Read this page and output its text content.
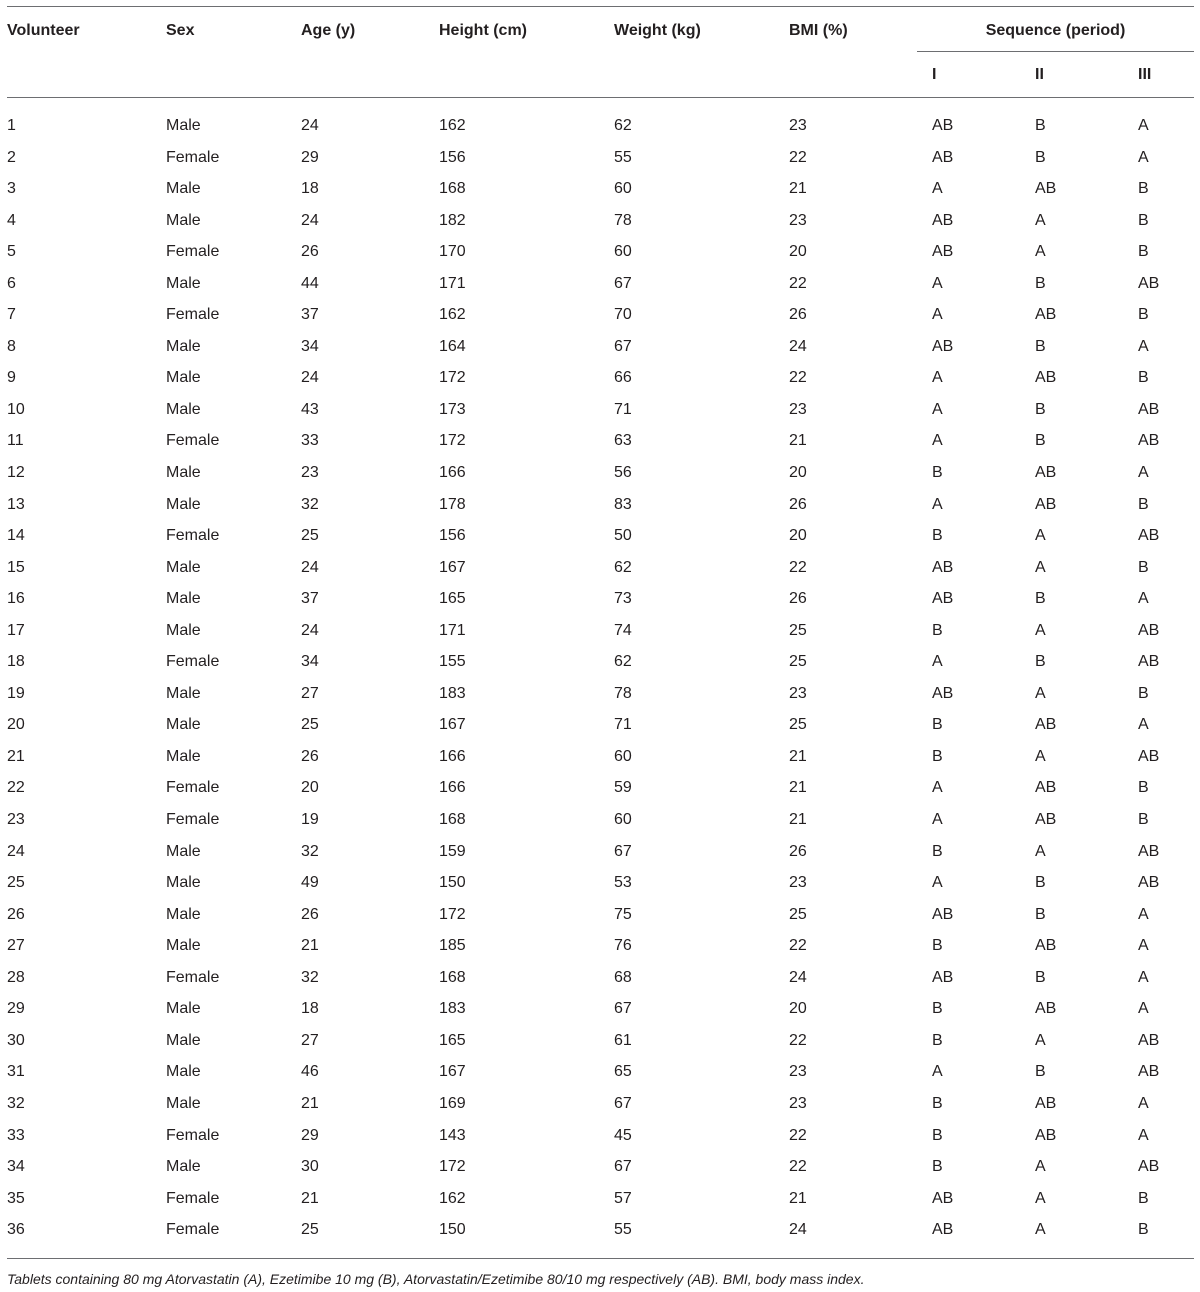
Volunteer	Sex	Age (y)	Height (cm)	Weight (kg)	BMI (%)	Sequence (period)
I	II	III
1	Male	24	162	62	23	AB	B	A
2	Female	29	156	55	22	AB	B	A
3	Male	18	168	60	21	A	AB	B
4	Male	24	182	78	23	AB	A	B
5	Female	26	170	60	20	AB	A	B
6	Male	44	171	67	22	A	B	AB
7	Female	37	162	70	26	A	AB	B
8	Male	34	164	67	24	AB	B	A
9	Male	24	172	66	22	A	AB	B
10	Male	43	173	71	23	A	B	AB
11	Female	33	172	63	21	A	B	AB
12	Male	23	166	56	20	B	AB	A
13	Male	32	178	83	26	A	AB	B
14	Female	25	156	50	20	B	A	AB
15	Male	24	167	62	22	AB	A	B
16	Male	37	165	73	26	AB	B	A
17	Male	24	171	74	25	B	A	AB
18	Female	34	155	62	25	A	B	AB
19	Male	27	183	78	23	AB	A	B
20	Male	25	167	71	25	B	AB	A
21	Male	26	166	60	21	B	A	AB
22	Female	20	166	59	21	A	AB	B
23	Female	19	168	60	21	A	AB	B
24	Male	32	159	67	26	B	A	AB
25	Male	49	150	53	23	A	B	AB
26	Male	26	172	75	25	AB	B	A
27	Male	21	185	76	22	B	AB	A
28	Female	32	168	68	24	AB	B	A
29	Male	18	183	67	20	B	AB	A
30	Male	27	165	61	22	B	A	AB
31	Male	46	167	65	23	A	B	AB
32	Male	21	169	67	23	B	AB	A
33	Female	29	143	45	22	B	AB	A
34	Male	30	172	67	22	B	A	AB
35	Female	21	162	57	21	AB	A	B
36	Female	25	150	55	24	AB	A	B
Tablets containing 80 mg Atorvastatin (A), Ezetimibe 10 mg (B), Atorvastatin/Ezetimibe 80/10 mg respectively (AB). BMI, body mass index.
